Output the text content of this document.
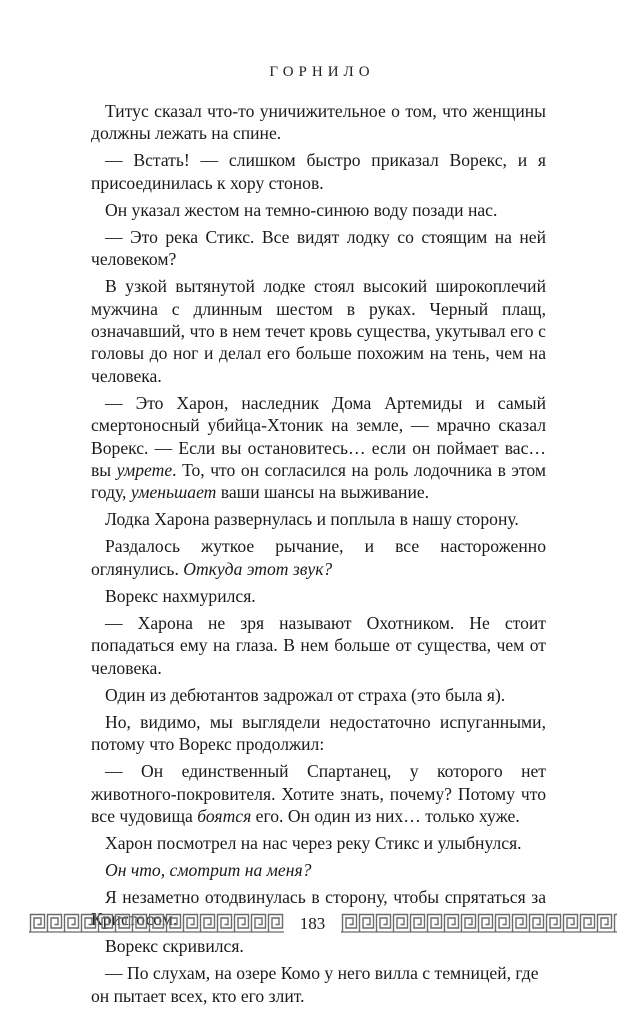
ГОРНИЛО

Титус сказал что-то уничижительное о том, что женщины должны лежать на спине.

— Встать! — слишком быстро приказал Ворекс, и я присоединилась к хору стонов.

Он указал жестом на темно-синюю воду позади нас.

— Это река Стикс. Все видят лодку со стоящим на ней человеком?

В узкой вытянутой лодке стоял высокий широкоплечий мужчина с длинным шестом в руках. Черный плащ, означавший, что в нем течет кровь существа, укутывал его с головы до ног и делал его больше похожим на тень, чем на человека.

— Это Харон, наследник Дома Артемиды и самый смертоносный убийца-Хтоник на земле, — мрачно сказал Ворекс. — Если вы остановитесь… если он поймает вас… вы умрете. То, что он согласился на роль лодочника в этом году, уменьшает ваши шансы на выживание.

Лодка Харона развернулась и поплыла в нашу сторону.

Раздалось жуткое рычание, и все настороженно оглянулись. Откуда этот звук?

Ворекс нахмурился.

— Харона не зря называют Охотником. Не стоит попадаться ему на глаза. В нем больше от существа, чем от человека.

Один из дебютантов задрожал от страха (это была я).

Но, видимо, мы выглядели недостаточно испуганными, потому что Ворекс продолжил:

— Он единственный Спартанец, у которого нет животного-покровителя. Хотите знать, почему? Потому что все чудовища боятся его. Он один из них… только хуже.

Харон посмотрел на нас через реку Стикс и улыбнулся.

Он что, смотрит на меня?

Я незаметно отодвинулась в сторону, чтобы спрятаться за

Ворекс скривился.

— По слухам, на озере Комо у него вилла с темницей, где он пытает всех, кто его злит.

183
